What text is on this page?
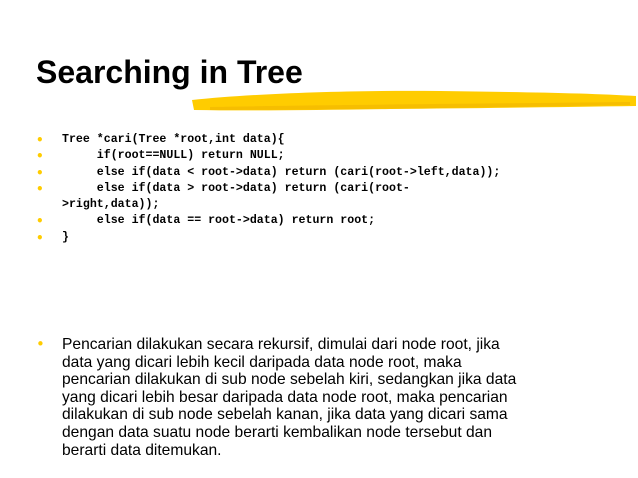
Searching in Tree
• Tree *cari(Tree *root,int data){
• if(root==NULL) return NULL;
• else if(data < root->data) return (cari(root->left,data));
• else if(data > root->data) return (cari(root-
>right,data));
• else if(data == root->data) return root;
• }
• Pencarian dilakukan secara rekursif, dimulai dari node root, jika
data yang dicari lebih kecil daripada data node root, maka
pencarian dilakukan di sub node sebelah kiri, sedangkan jika data
yang dicari lebih besar daripada data node root, maka pencarian
dilakukan di sub node sebelah kanan, jika data yang dicari sama
dengan data suatu node berarti kembalikan node tersebut dan
berarti data ditemukan.
